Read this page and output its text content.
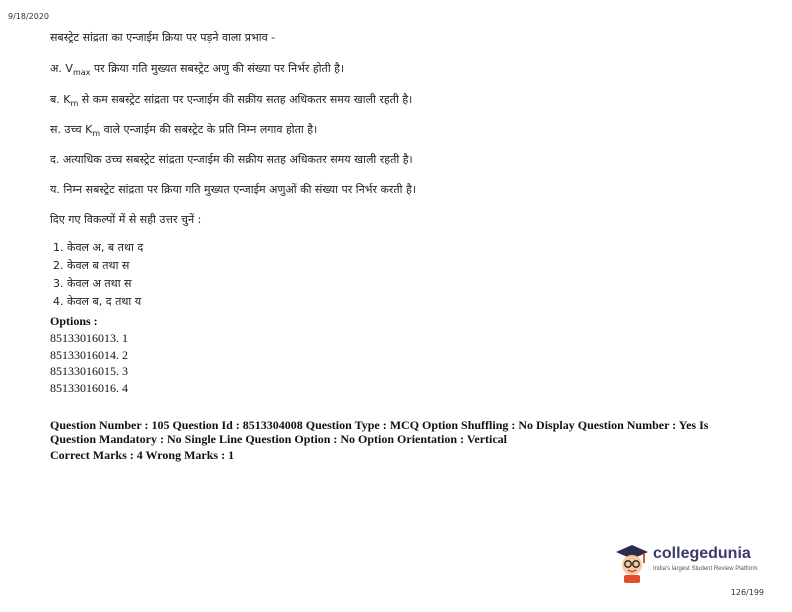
9/18/2020
सबस्ट्रेट सांद्रता का एन्जाईम क्रिया पर पड़ने वाला प्रभाव -
अ. $V_{max}$ पर क्रिया गति मुख्यत सबस्ट्रेट अणु की संख्या पर निर्भर होती है।
ब. $K_m$ से कम सबस्ट्रेट सांद्रता पर एन्जाईम की सक्रीय सतह अधिकतर समय खाली रहती है।
स. उच्च $K_m$ वाले एन्जाईम की सबस्ट्रेट के प्रति निम्न लगाव होता है।
द. अत्याधिक उच्च सबस्ट्रेट सांद्रता एन्जाईम की सक्रीय सतह अधिकतर समय खाली रहती है।
य. निम्न सबस्ट्रेट सांद्रता पर क्रिया गति मुख्यत एन्जाईम अणुओं की संख्या पर निर्भर करती है।
दिए गए विकल्पों में से सही उत्तर चुनें :
1. केवल अ, ब तथा द
2. केवल ब तथा स
3. केवल अ तथा स
4. केवल ब, द तथा य
Options :
85133016013. 1
85133016014. 2
85133016015. 3
85133016016. 4
Question Number : 105 Question Id : 8513304008 Question Type : MCQ Option Shuffling : No Display Question Number : Yes Is
Question Mandatory : No Single Line Question Option : No Option Orientation : Vertical
Correct Marks : 4 Wrong Marks : 1
collegedunia
India's largest Student Review Platform
126/199
